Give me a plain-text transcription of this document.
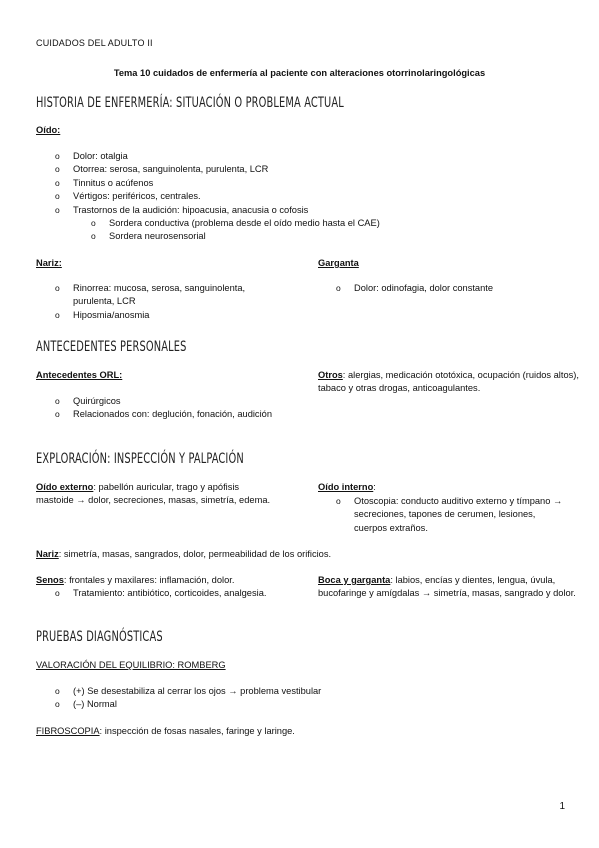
CUIDADOS DEL ADULTO II
Tema 10 cuidados de enfermería al paciente con alteraciones otorrinolaringológicas
HISTORIA DE ENFERMERÍA: SITUACIÓN O PROBLEMA ACTUAL
Oído:
o Dolor: otalgia
o Otorrea: serosa, sanguinolenta, purulenta, LCR
o Tinnitus o acúfenos
o Vértigos: periféricos, centrales.
o Trastornos de la audición: hipoacusia, anacusia o cofosis
o Sordera conductiva (problema desde el oído medio hasta el CAE)
o Sordera neurosensorial
Nariz:
o Rinorrea: mucosa, serosa, sanguinolenta, purulenta, LCR
o Hiposmia/anosmia
Garganta
o Dolor: odinofagia, dolor constante
ANTECEDENTES PERSONALES
Antecedentes ORL:
o Quirúrgicos
o Relacionados con: deglución, fonación, audición
Otros: alergias, medicación ototóxica, ocupación (ruidos altos), tabaco y otras drogas, anticoagulantes.
EXPLORACIÓN: INSPECCIÓN Y PALPACIÓN
Oído externo: pabellón auricular, trago y apófisis mastoide → dolor, secreciones, masas, simetría, edema.
Oído interno:
o Otoscopia: conducto auditivo externo y tímpano → secreciones, tapones de cerumen, lesiones, cuerpos extraños.
Nariz: simetría, masas, sangrados, dolor, permeabilidad de los orificios.
Senos: frontales y maxilares: inflamación, dolor.
o Tratamiento: antibiótico, corticoides, analgesia.
Boca y garganta: labios, encías y dientes, lengua, úvula, bucofaringe y amígdalas → simetría, masas, sangrado y dolor.
PRUEBAS DIAGNÓSTICAS
VALORACIÓN DEL EQUILIBRIO: ROMBERG
o (+) Se desestabiliza al cerrar los ojos → problema vestibular
o (–) Normal
FIBROSCOPIA: inspección de fosas nasales, faringe y laringe.
1
